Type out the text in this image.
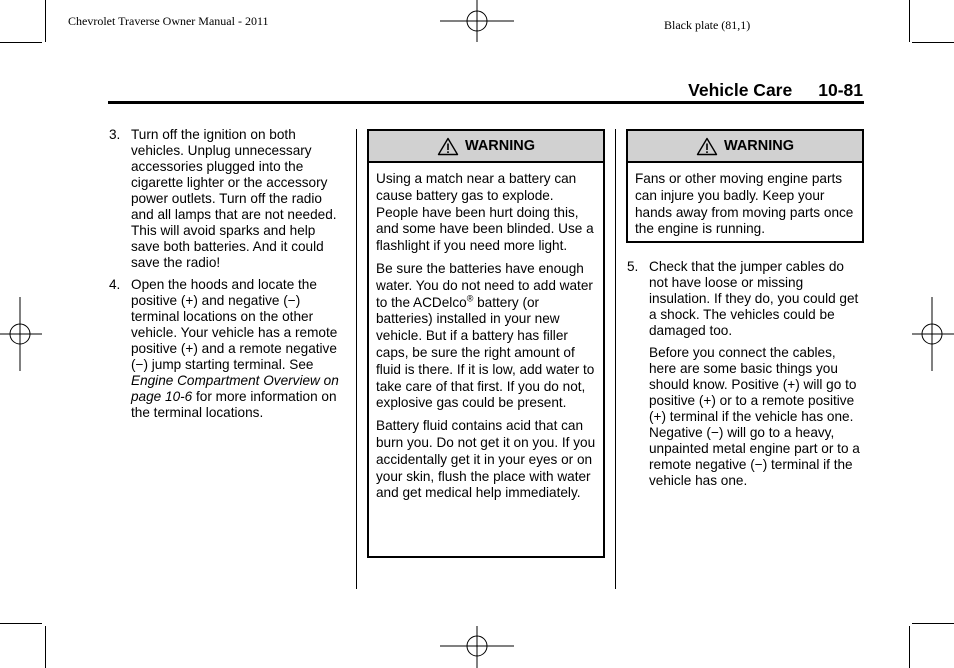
Chevrolet Traverse Owner Manual - 2011	Black plate (81,1)
Vehicle Care 10-81
3. Turn off the ignition on both vehicles. Unplug unnecessary accessories plugged into the cigarette lighter or the accessory power outlets. Turn off the radio and all lamps that are not needed. This will avoid sparks and help save both batteries. And it could save the radio!

4. Open the hoods and locate the positive (+) and negative (−) terminal locations on the other vehicle. Your vehicle has a remote positive (+) and a remote negative (−) jump starting terminal. See Engine Compartment Overview on page 10‑6 for more information on the terminal locations.

WARNING

Using a match near a battery can cause battery gas to explode. People have been hurt doing this, and some have been blinded. Use a flashlight if you need more light.

Be sure the batteries have enough water. You do not need to add water to the ACDelco® battery (or batteries) installed in your new vehicle. But if a battery has filler caps, be sure the right amount of fluid is there. If it is low, add water to take care of that first. If you do not, explosive gas could be present.

Battery fluid contains acid that can burn you. Do not get it on you. If you accidentally get it in your eyes or on your skin, flush the place with water and get medical help immediately.

WARNING

Fans or other moving engine parts can injure you badly. Keep your hands away from moving parts once the engine is running.

5. Check that the jumper cables do not have loose or missing insulation. If they do, you could get a shock. The vehicles could be damaged too.

Before you connect the cables, here are some basic things you should know. Positive (+) will go to positive (+) or to a remote positive (+) terminal if the vehicle has one. Negative (−) will go to a heavy, unpainted metal engine part or to a remote negative (−) terminal if the vehicle has one.
